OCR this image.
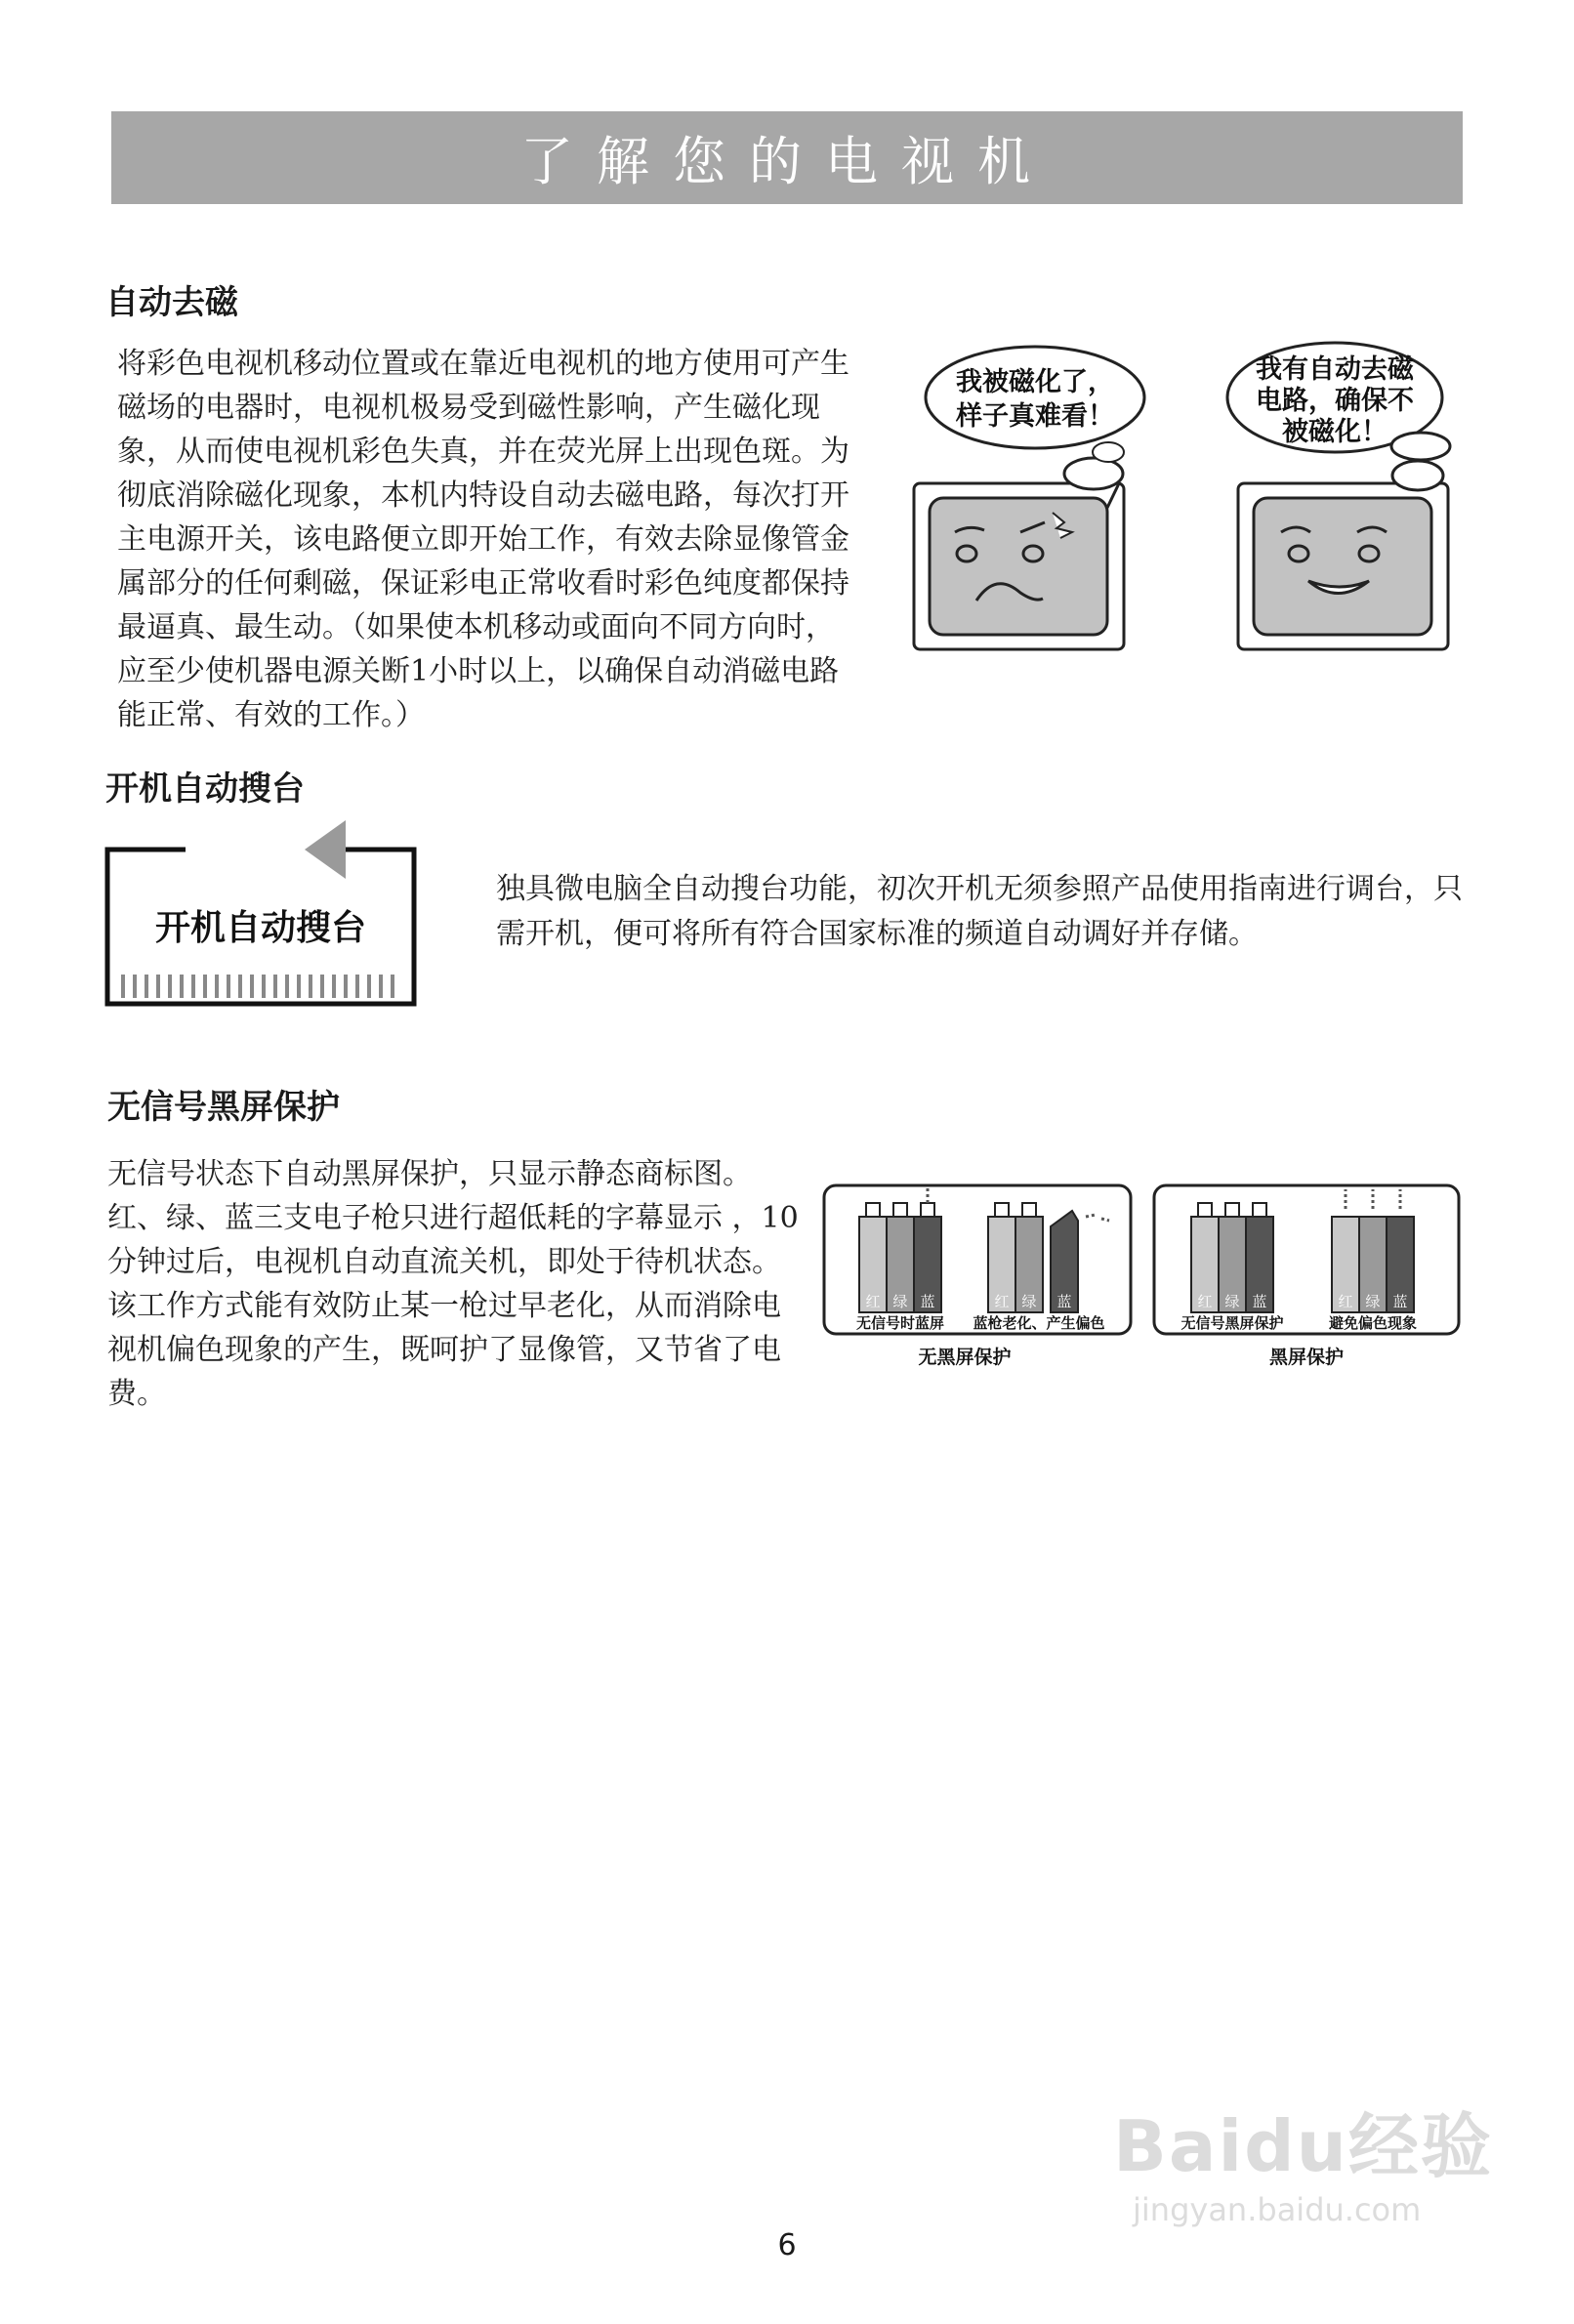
了解您的电视机
自动去磁
将彩色电视机移动位置或在靠近电视机的地方使用可产生磁场的电器时，电视机极易受到磁性影响，产生磁化现象，从而使电视机彩色失真，并在荧光屏上出现色斑。为彻底消除磁化现象，本机内特设自动去磁电路，每次打开主电源开关，该电路便立即开始工作，有效去除显像管金属部分的任何剩磁，保证彩电正常收看时彩色纯度都保持最逼真、最生动。（如果使本机移动或面向不同方向时，应至少使机器电源关断1小时以上，以确保自动消磁电路能正常、有效的工作。）
我被磁化了，
样子真难看！
我有自动去磁
电路，确保不
被磁化！
开机自动搜台
开机自动搜台
独具微电脑全自动搜台功能，初次开机无须参照产品使用指南进行调台，只需开机，便可将所有符合国家标准的频道自动调好并存储。
无信号黑屏保护
无信号状态下自动黑屏保护，只显示静态商标图。红、绿、蓝三支电子枪只进行超低耗的字幕显示 ，10分钟过后，电视机自动直流关机，即处于待机状态。该工作方式能有效防止某一枪过早老化，从而消除电视机偏色现象的产生，既呵护了显像管，又节省了电费。
红 绿 蓝	红 绿 蓝
无信号时蓝屏 蓝枪老化、产生偏色
无黑屏保护
红 绿 蓝	红 绿 蓝
无信号黑屏保护	避免偏色现象
黑屏保护
Baidu经验
jingyan.baidu.com
6
